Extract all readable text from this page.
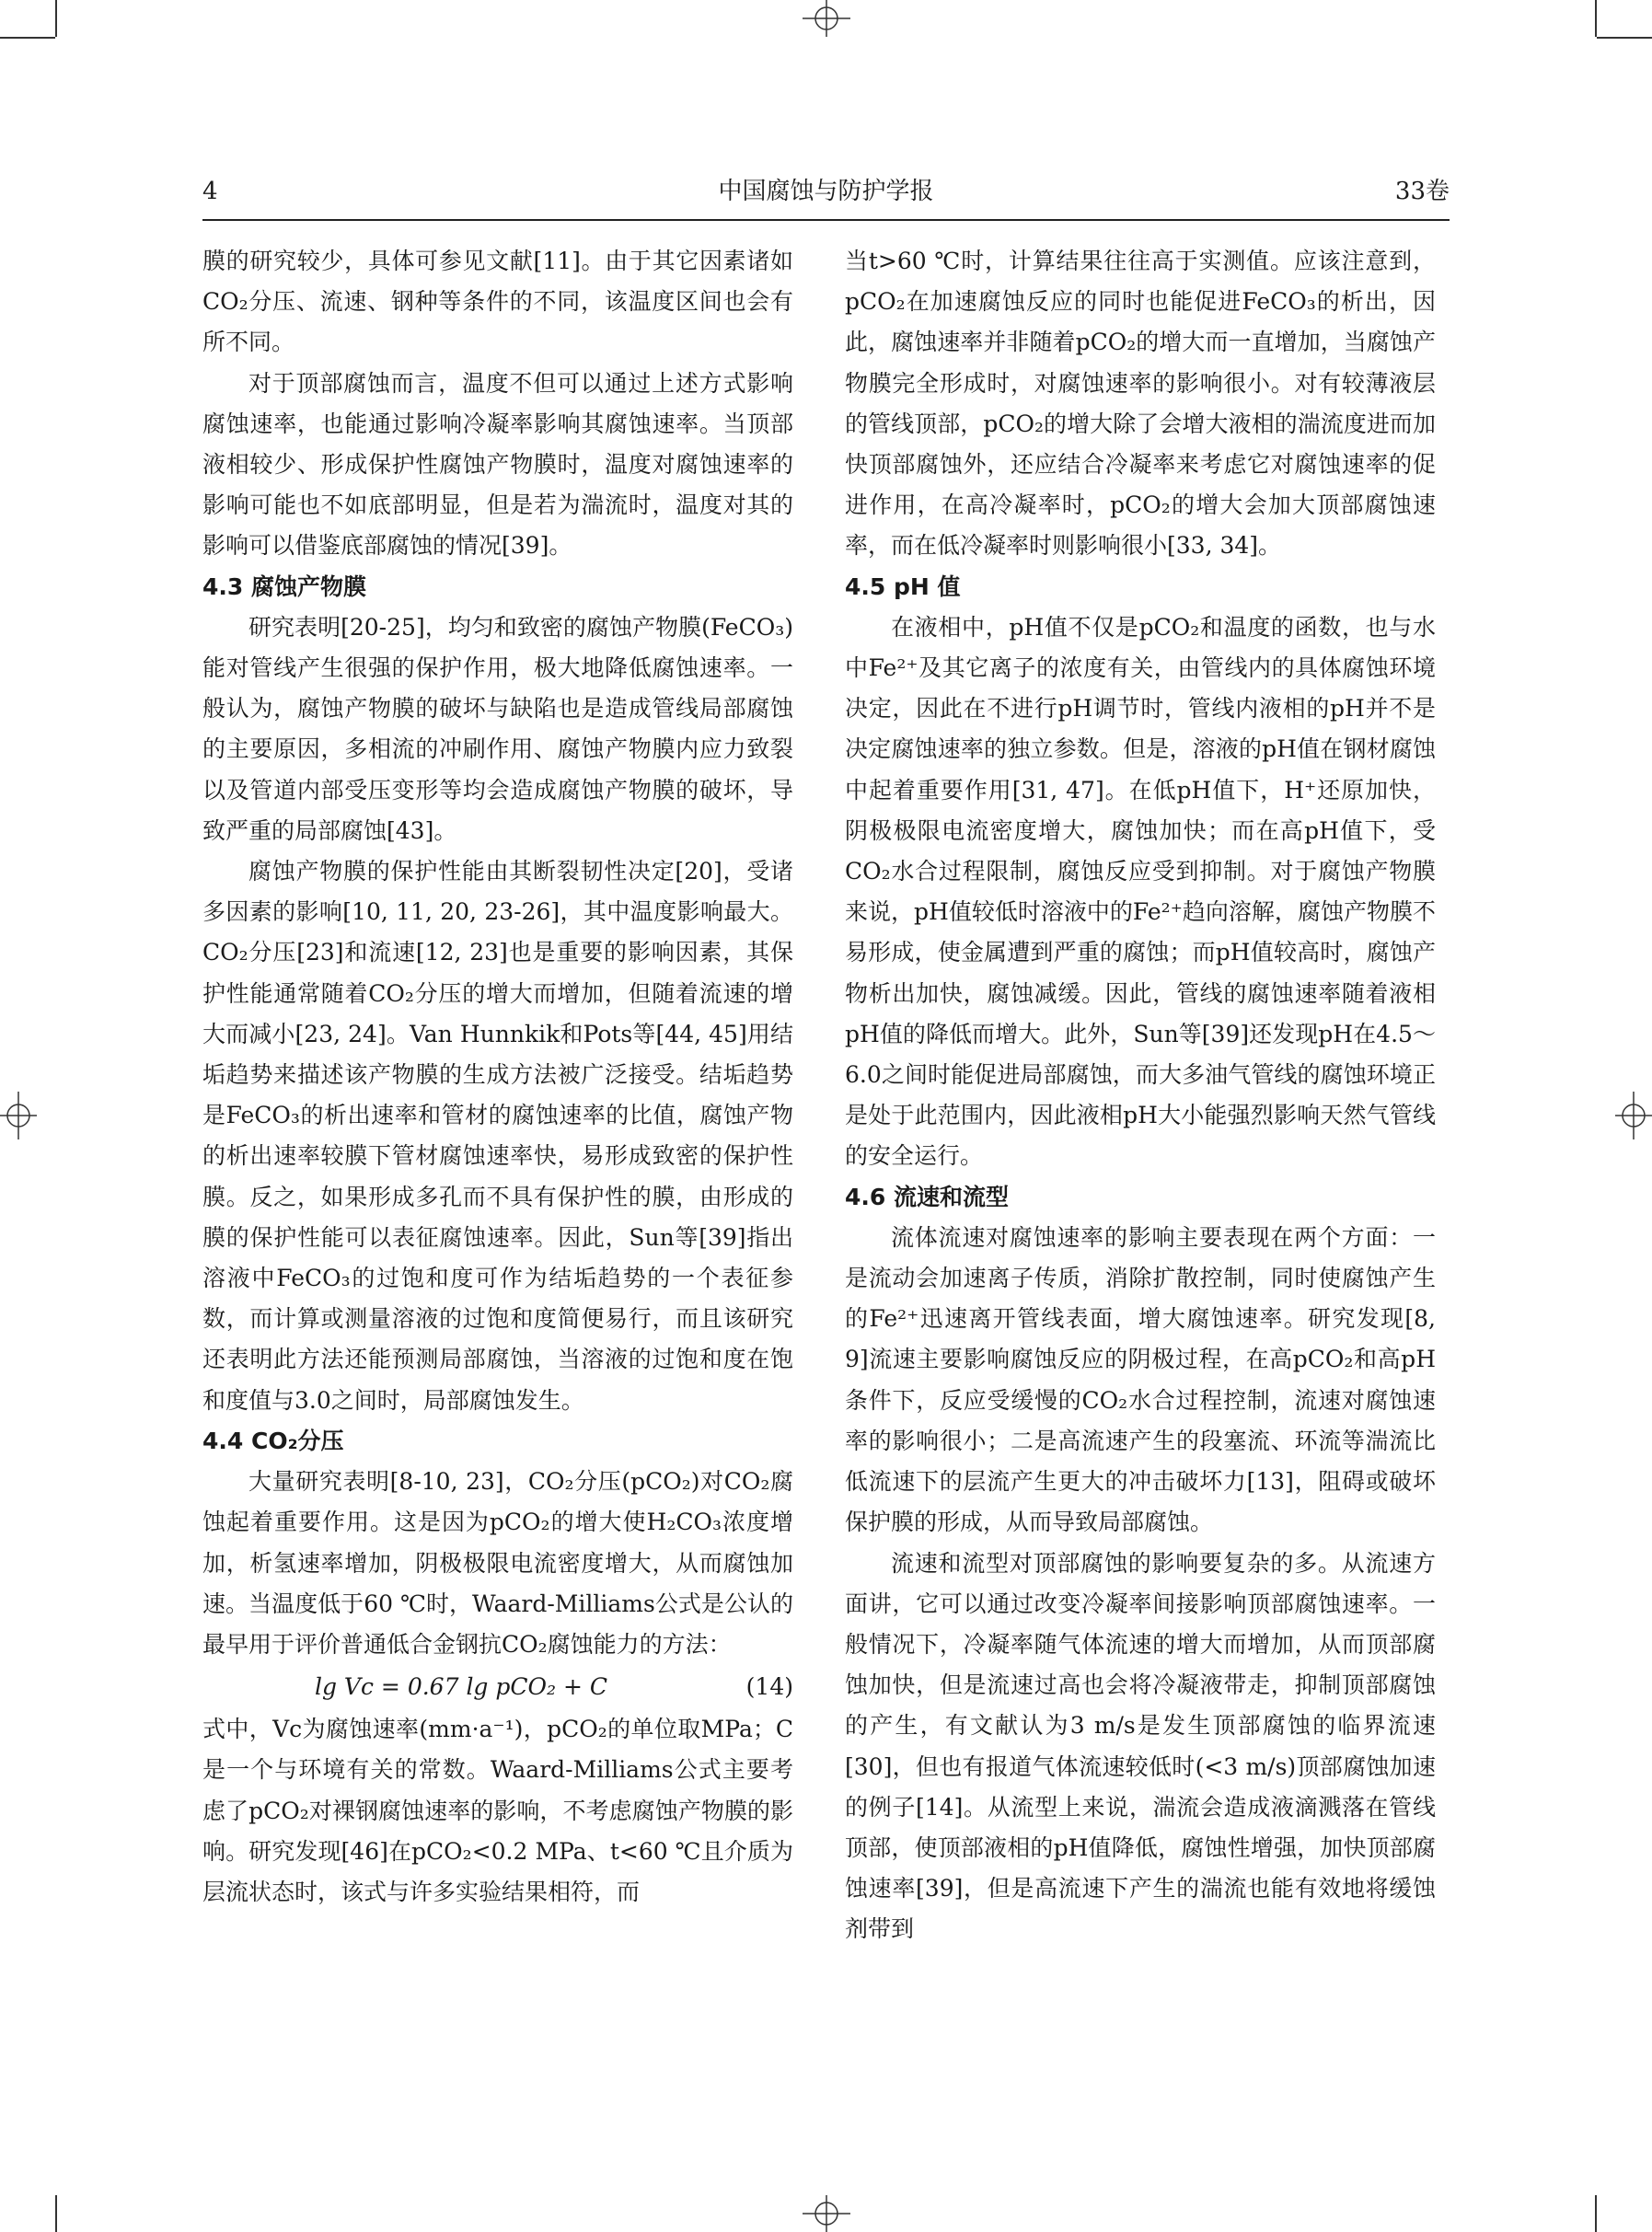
4	中国腐蚀与防护学报	33卷

膜的研究较少，具体可参见文献[11]。由于其它因素诸如CO₂分压、流速、钢种等条件的不同，该温度区间也会有所不同。

对于顶部腐蚀而言，温度不但可以通过上述方式影响腐蚀速率，也能通过影响冷凝率影响其腐蚀速率。当顶部液相较少、形成保护性腐蚀产物膜时，温度对腐蚀速率的影响可能也不如底部明显，但是若为湍流时，温度对其的影响可以借鉴底部腐蚀的情况[39]。

4.3 腐蚀产物膜

研究表明[20-25]，均匀和致密的腐蚀产物膜(FeCO₃)能对管线产生很强的保护作用，极大地降低腐蚀速率。一般认为，腐蚀产物膜的破坏与缺陷也是造成管线局部腐蚀的主要原因，多相流的冲刷作用、腐蚀产物膜内应力致裂以及管道内部受压变形等均会造成腐蚀产物膜的破坏，导致严重的局部腐蚀[43]。

腐蚀产物膜的保护性能由其断裂韧性决定[20]，受诸多因素的影响[10, 11, 20, 23-26]，其中温度影响最大。CO₂分压[23]和流速[12, 23]也是重要的影响因素，其保护性能通常随着CO₂分压的增大而增加，但随着流速的增大而减小[23, 24]。Van Hunnkik和Pots等[44, 45]用结垢趋势来描述该产物膜的生成方法被广泛接受。结垢趋势是FeCO₃的析出速率和管材的腐蚀速率的比值，腐蚀产物的析出速率较膜下管材腐蚀速率快，易形成致密的保护性膜。反之，如果形成多孔而不具有保护性的膜，由形成的膜的保护性能可以表征腐蚀速率。因此，Sun等[39]指出溶液中FeCO₃的过饱和度可作为结垢趋势的一个表征参数，而计算或测量溶液的过饱和度简便易行，而且该研究还表明此方法还能预测局部腐蚀，当溶液的过饱和度在饱和度值与3.0之间时，局部腐蚀发生。

4.4 CO₂分压

大量研究表明[8-10, 23]，CO₂分压(pCO₂)对CO₂腐蚀起着重要作用。这是因为pCO₂的增大使H₂CO₃浓度增加，析氢速率增加，阴极极限电流密度增大，从而腐蚀加速。当温度低于60 ℃时，Waard-Milliams公式是公认的最早用于评价普通低合金钢抗CO₂腐蚀能力的方法：

lg Vc = 0.67 lg pCO₂ + C	(14)

式中，Vc为腐蚀速率(mm·a⁻¹)，pCO₂的单位取MPa；C是一个与环境有关的常数。Waard-Milliams公式主要考虑了pCO₂对裸钢腐蚀速率的影响，不考虑腐蚀产物膜的影响。研究发现[46]在pCO₂<0.2 MPa、t<60 ℃且介质为层流状态时，该式与许多实验结果相符，而

当t>60 ℃时，计算结果往往高于实测值。应该注意到，pCO₂在加速腐蚀反应的同时也能促进FeCO₃的析出，因此，腐蚀速率并非随着pCO₂的增大而一直增加，当腐蚀产物膜完全形成时，对腐蚀速率的影响很小。对有较薄液层的管线顶部，pCO₂的增大除了会增大液相的湍流度进而加快顶部腐蚀外，还应结合冷凝率来考虑它对腐蚀速率的促进作用，在高冷凝率时，pCO₂的增大会加大顶部腐蚀速率，而在低冷凝率时则影响很小[33, 34]。

4.5 pH 值

在液相中，pH值不仅是pCO₂和温度的函数，也与水中Fe²⁺及其它离子的浓度有关，由管线内的具体腐蚀环境决定，因此在不进行pH调节时，管线内液相的pH并不是决定腐蚀速率的独立参数。但是，溶液的pH值在钢材腐蚀中起着重要作用[31, 47]。在低pH值下，H⁺还原加快，阴极极限电流密度增大，腐蚀加快；而在高pH值下，受CO₂水合过程限制，腐蚀反应受到抑制。对于腐蚀产物膜来说，pH值较低时溶液中的Fe²⁺趋向溶解，腐蚀产物膜不易形成，使金属遭到严重的腐蚀；而pH值较高时，腐蚀产物析出加快，腐蚀减缓。因此，管线的腐蚀速率随着液相pH值的降低而增大。此外，Sun等[39]还发现pH在4.5～6.0之间时能促进局部腐蚀，而大多油气管线的腐蚀环境正是处于此范围内，因此液相pH大小能强烈影响天然气管线的安全运行。

4.6 流速和流型

流体流速对腐蚀速率的影响主要表现在两个方面：一是流动会加速离子传质，消除扩散控制，同时使腐蚀产生的Fe²⁺迅速离开管线表面，增大腐蚀速率。研究发现[8, 9]流速主要影响腐蚀反应的阴极过程，在高pCO₂和高pH条件下，反应受缓慢的CO₂水合过程控制，流速对腐蚀速率的影响很小；二是高流速产生的段塞流、环流等湍流比低流速下的层流产生更大的冲击破坏力[13]，阻碍或破坏保护膜的形成，从而导致局部腐蚀。

流速和流型对顶部腐蚀的影响要复杂的多。从流速方面讲，它可以通过改变冷凝率间接影响顶部腐蚀速率。一般情况下，冷凝率随气体流速的增大而增加，从而顶部腐蚀加快，但是流速过高也会将冷凝液带走，抑制顶部腐蚀的产生，有文献认为3 m/s是发生顶部腐蚀的临界流速[30]，但也有报道气体流速较低时(<3 m/s)顶部腐蚀加速的例子[14]。从流型上来说，湍流会造成液滴溅落在管线顶部，使顶部液相的pH值降低，腐蚀性增强，加快顶部腐蚀速率[39]，但是高流速下产生的湍流也能有效地将缓蚀剂带到
